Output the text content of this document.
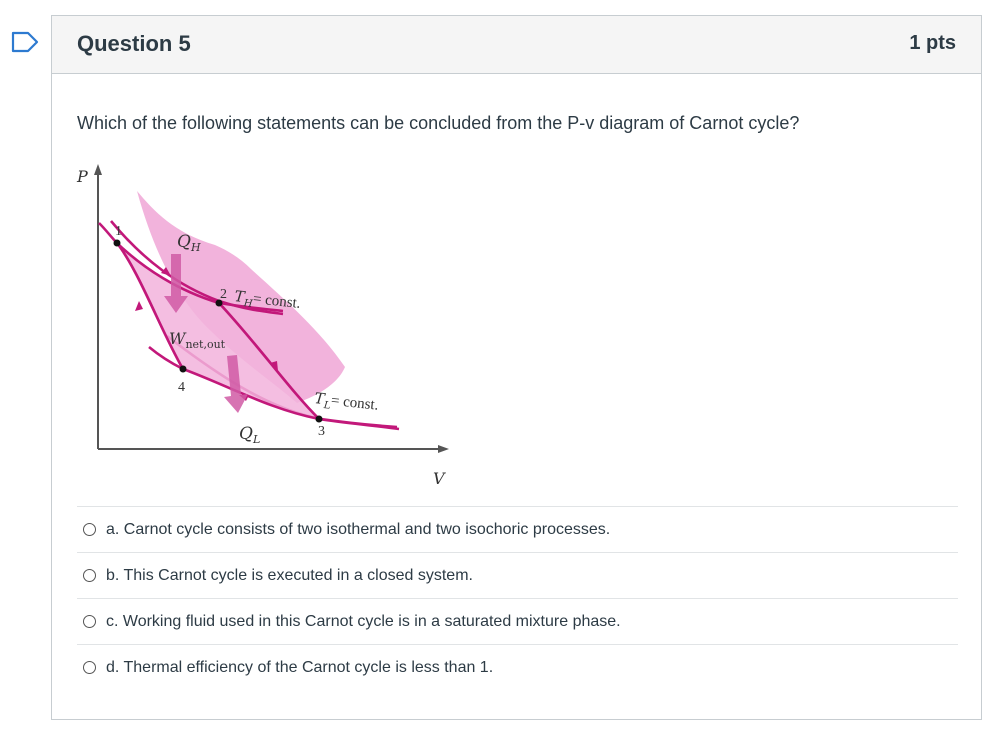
Question 5	1 pts
Which of the following statements can be concluded from the P-v diagram of Carnot cycle?
P
V
1
2
3
4
$Q_H$
$Q_L$
$W_{net,out}$
$T_H=$ const.
$T_L=$ const.
a. Carnot cycle consists of two isothermal and two isochoric processes.
b. This Carnot cycle is executed in a closed system.
c. Working fluid used in this Carnot cycle is in a saturated mixture phase.
d. Thermal efficiency of the Carnot cycle is less than 1.
